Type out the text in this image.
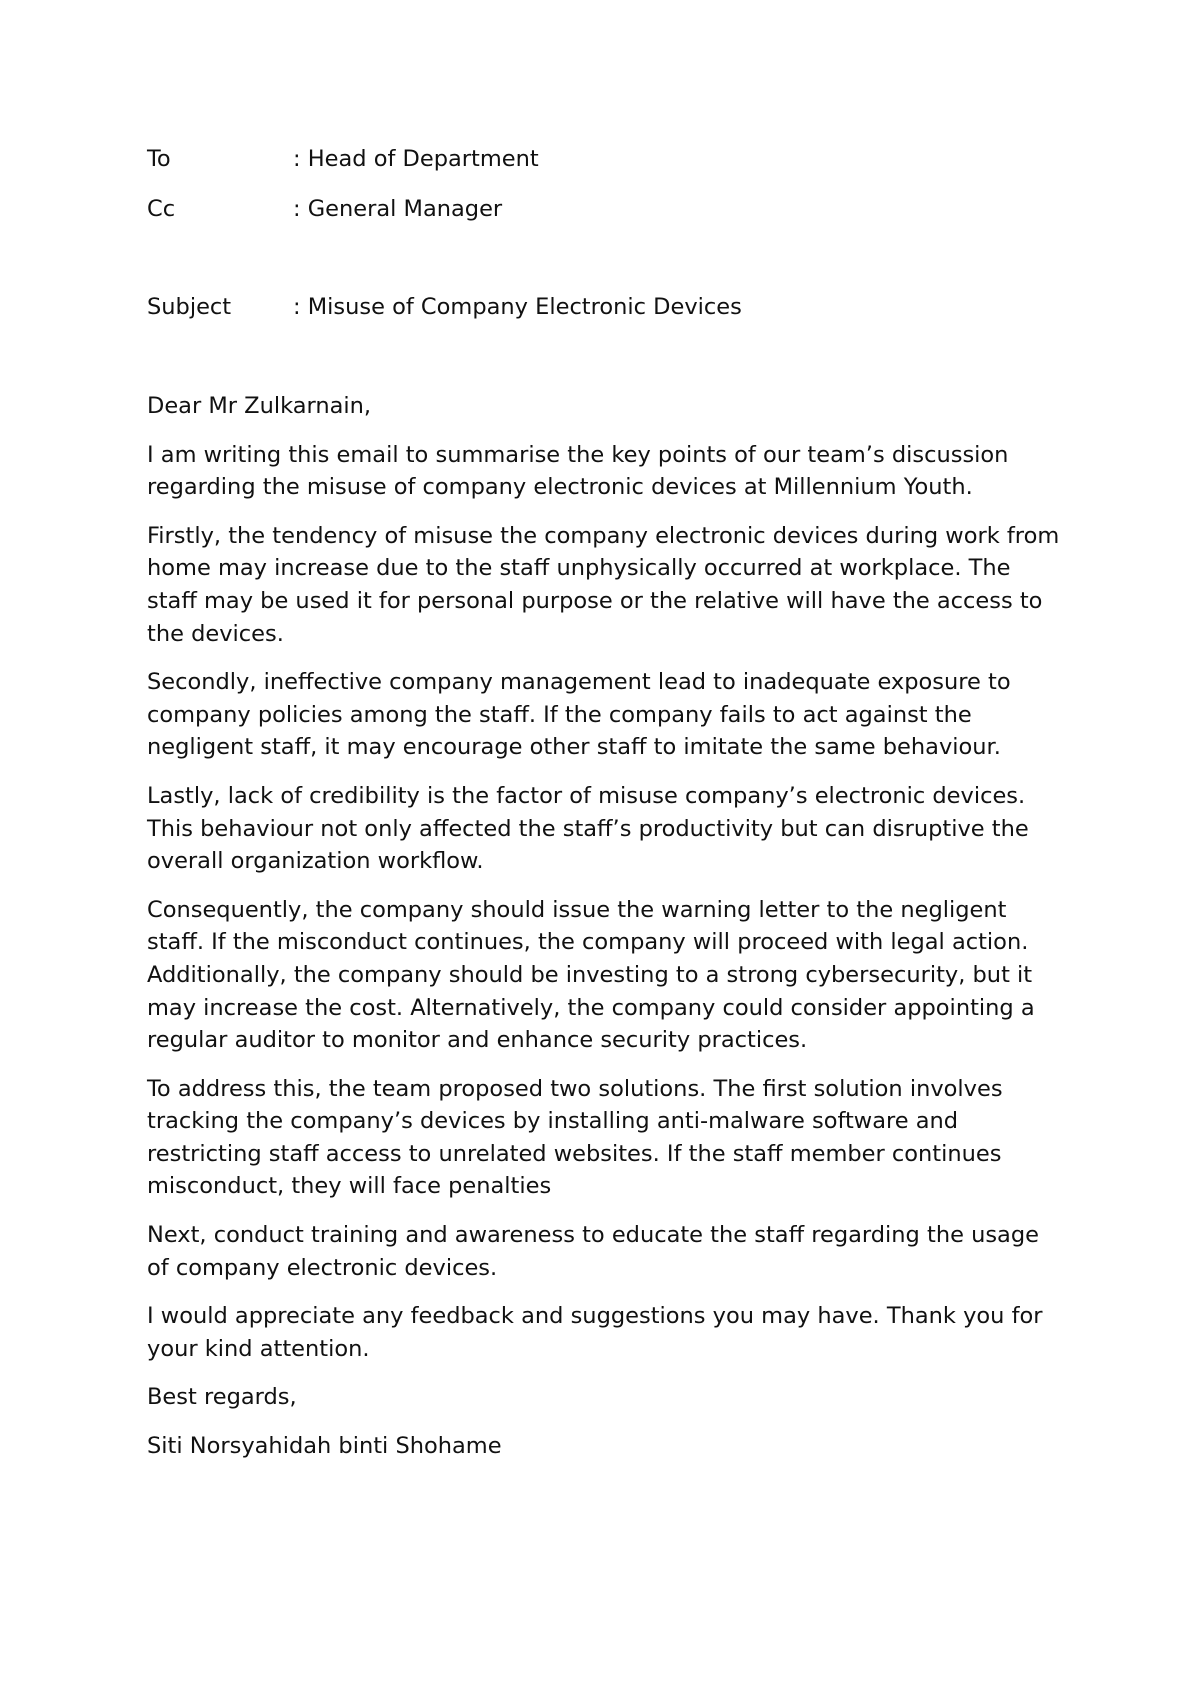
To	: Head of Department
Cc	: General Manager
Subject	: Misuse of Company Electronic Devices

Dear Mr Zulkarnain,

I am writing this email to summarise the key points of our team’s discussion regarding the misuse of company electronic devices at Millennium Youth.

Firstly, the tendency of misuse the company electronic devices during work from home may increase due to the staff unphysically occurred at workplace. The staff may be used it for personal purpose or the relative will have the access to the devices.

Secondly, ineffective company management lead to inadequate exposure to company policies among the staff. If the company fails to act against the negligent staff, it may encourage other staff to imitate the same behaviour.

Lastly, lack of credibility is the factor of misuse company’s electronic devices. This behaviour not only affected the staff’s productivity but can disruptive the overall organization workflow.

Consequently, the company should issue the warning letter to the negligent staff. If the misconduct continues, the company will proceed with legal action. Additionally, the company should be investing to a strong cybersecurity, but it may increase the cost. Alternatively, the company could consider appointing a regular auditor to monitor and enhance security practices.

To address this, the team proposed two solutions. The first solution involves tracking the company’s devices by installing anti-malware software and restricting staff access to unrelated websites. If the staff member continues misconduct, they will face penalties

Next, conduct training and awareness to educate the staff regarding the usage of company electronic devices.

I would appreciate any feedback and suggestions you may have. Thank you for your kind attention.

Best regards,

Siti Norsyahidah binti Shohame
